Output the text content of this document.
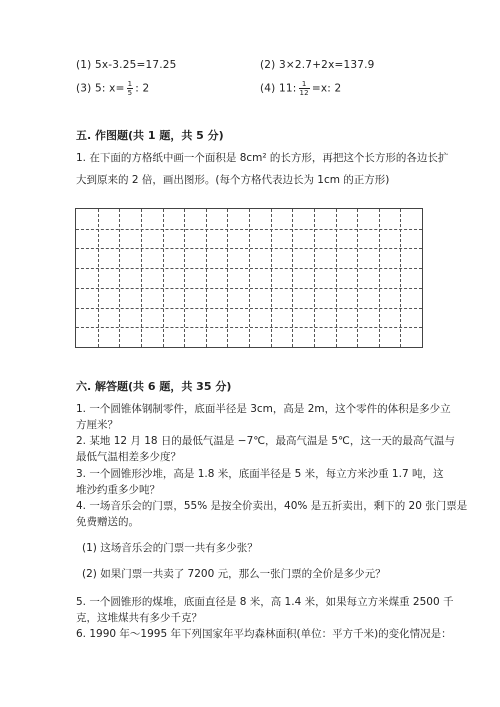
(1) 5x-3.25=17.25	(2) 3×2.7+2x=137.9
(3) 5: $x= \frac{1}{5}$ : 2	(4) 11: $\frac{1}{12} =x$: 2
五. 作图题(共 1 题，共 5 分)
1. 在下面的方格纸中画一个面积是 8cm² 的长方形，再把这个长方形的各边长扩
大到原来的 2 倍，画出图形。(每个方格代表边长为 1cm 的正方形)
六. 解答题(共 6 题，共 35 分)
1. 一个圆锥体钢制零件，底面半径是 3cm，高是 2m，这个零件的体积是多少立
方厘米？
2. 某地 12 月 18 日的最低气温是 −7℃，最高气温是 5℃，这一天的最高气温与
最低气温相差多少度？
3. 一个圆锥形沙堆，高是 1.8 米，底面半径是 5 米，每立方米沙重 1.7 吨，这
堆沙约重多少吨？
4. 一场音乐会的门票，55% 是按全价卖出，40% 是五折卖出，剩下的 20 张门票是
免费赠送的。
(1) 这场音乐会的门票一共有多少张？
(2) 如果门票一共卖了 7200 元，那么一张门票的全价是多少元？
5. 一个圆锥形的煤堆，底面直径是 8 米，高 1.4 米，如果每立方米煤重 2500 千
克，这堆煤共有多少千克？
6. 1990 年〜1995 年下列国家年平均森林面积(单位：平方千米)的变化情况是：
